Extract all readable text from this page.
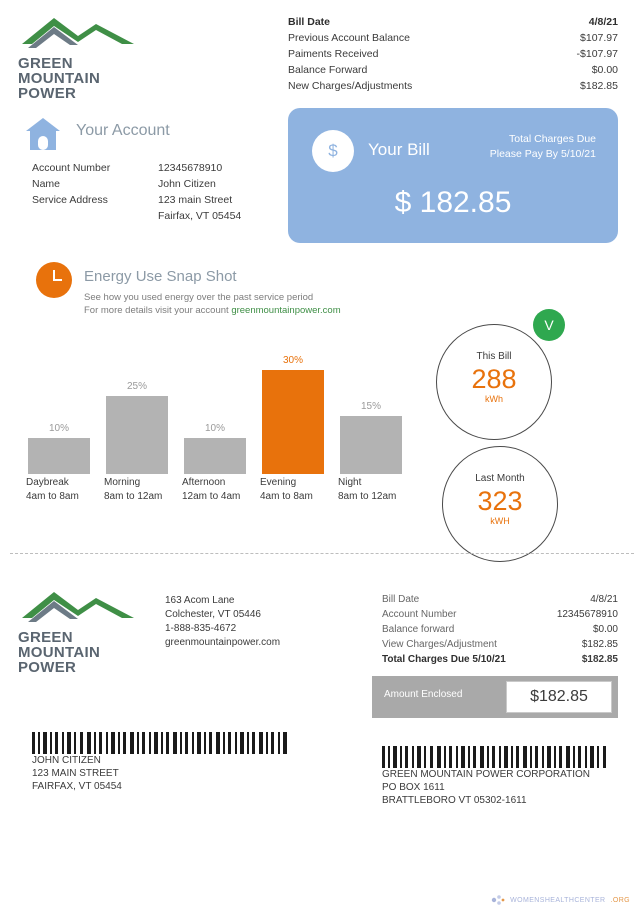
GREEN
MOUNTAIN
POWER
Bill Date	4/8/21
Previous Account Balance	$107.97
Paiments Received	-$107.97
Balance Forward	$0.00
New Charges/Adjustments	$182.85
Your Account
Account Number	12345678910
Name	John Citizen
Service Address	123 main Street
Fairfax, VT 05454
$	Your Bill
Total Charges Due
Please Pay By 5/10/21
$ 182.85
Energy Use Snap Shot
See how you used energy over the past service period
For more details visit your account greenmountainpower.com
10%
25%
10%
30%
15%
Daybreak
4am to 8am
Morning
8am to 12am
Afternoon
12am to 4am
Evening
4am to 8am
Night
8am to 12am
V
This Bill
288
kWh
Last Month
323
kWH
GREEN
MOUNTAIN
POWER
163 Acom Lane
Colchester, VT 05446
1-888-835-4672
greenmountainpower.com
Bill Date	4/8/21
Account Number	12345678910
Balance forward	$0.00
View Charges/Adjustment	$182.85
Total Charges Due 5/10/21	$182.85
Amount Enclosed	$182.85
JOHN CITIZEN
123 MAIN STREET
FAIRFAX, VT 05454
GREEN MOUNTAIN POWER CORPORATION
PO BOX 1611
BRATTLEBORO VT 05302-1611
WOMENSHEALTHCENTER .ORG
